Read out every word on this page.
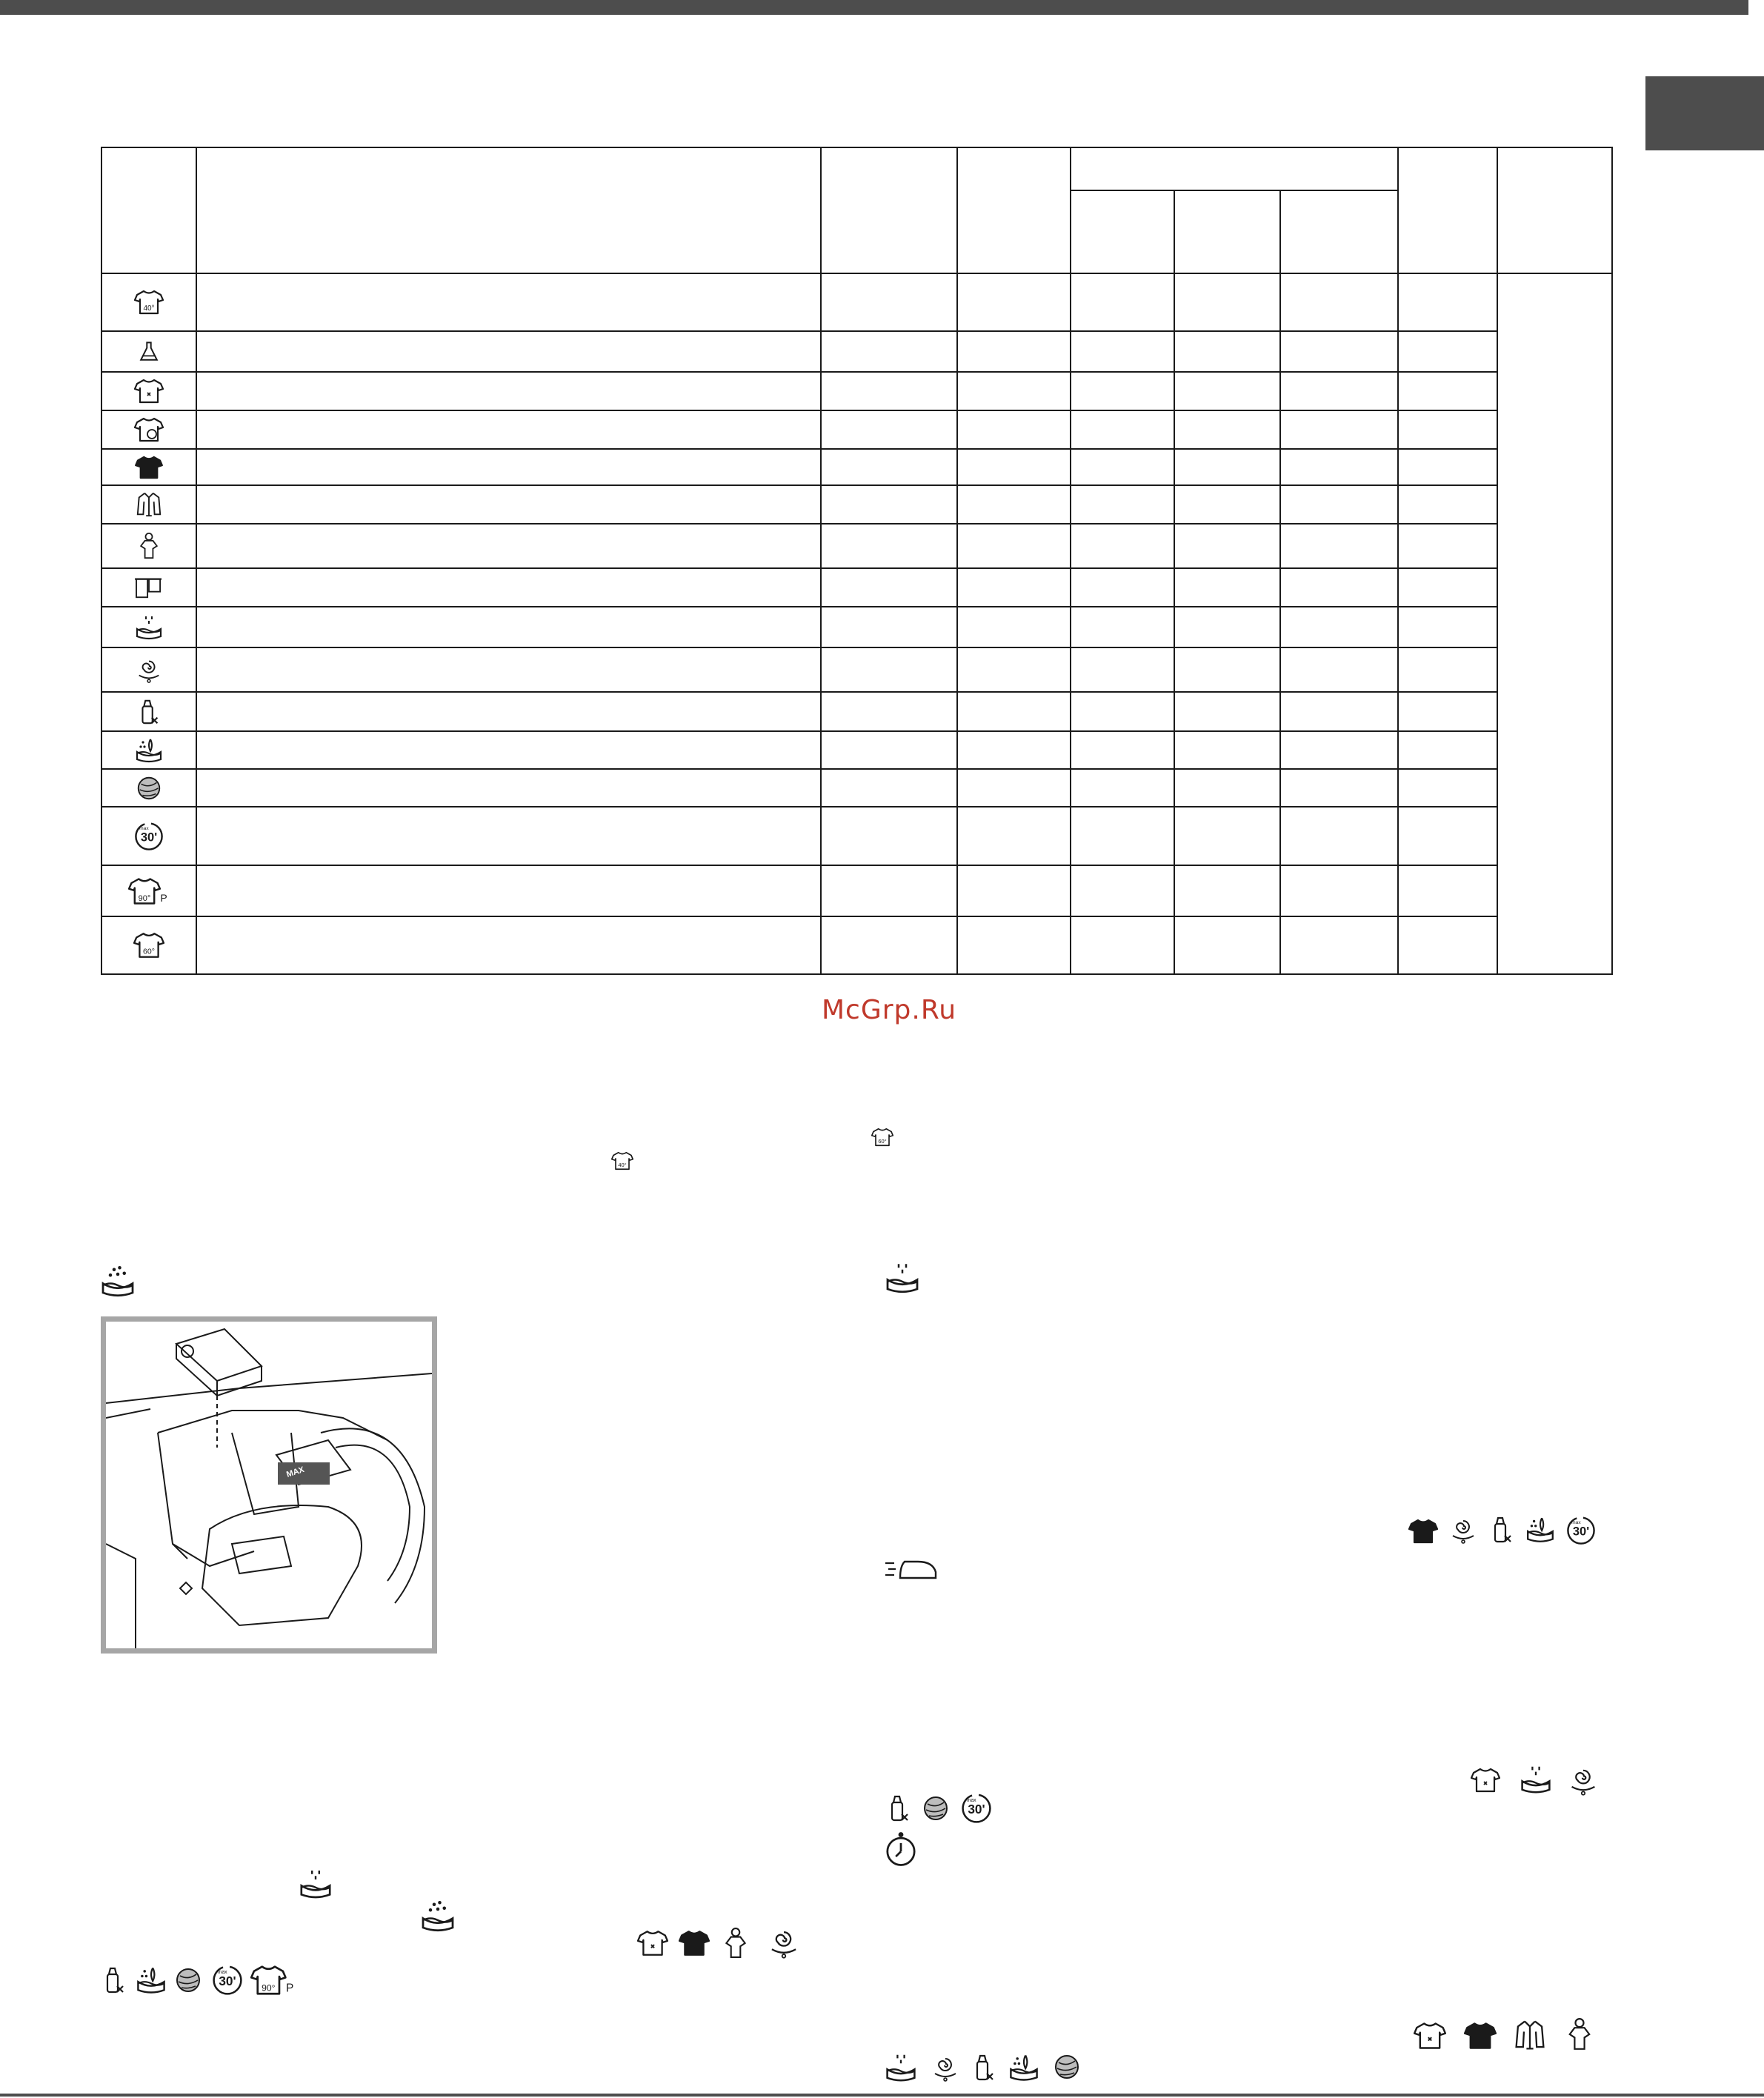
40°								

90° P								

60°								

McGrp.Ru
60°
40°
MAX
90° P
